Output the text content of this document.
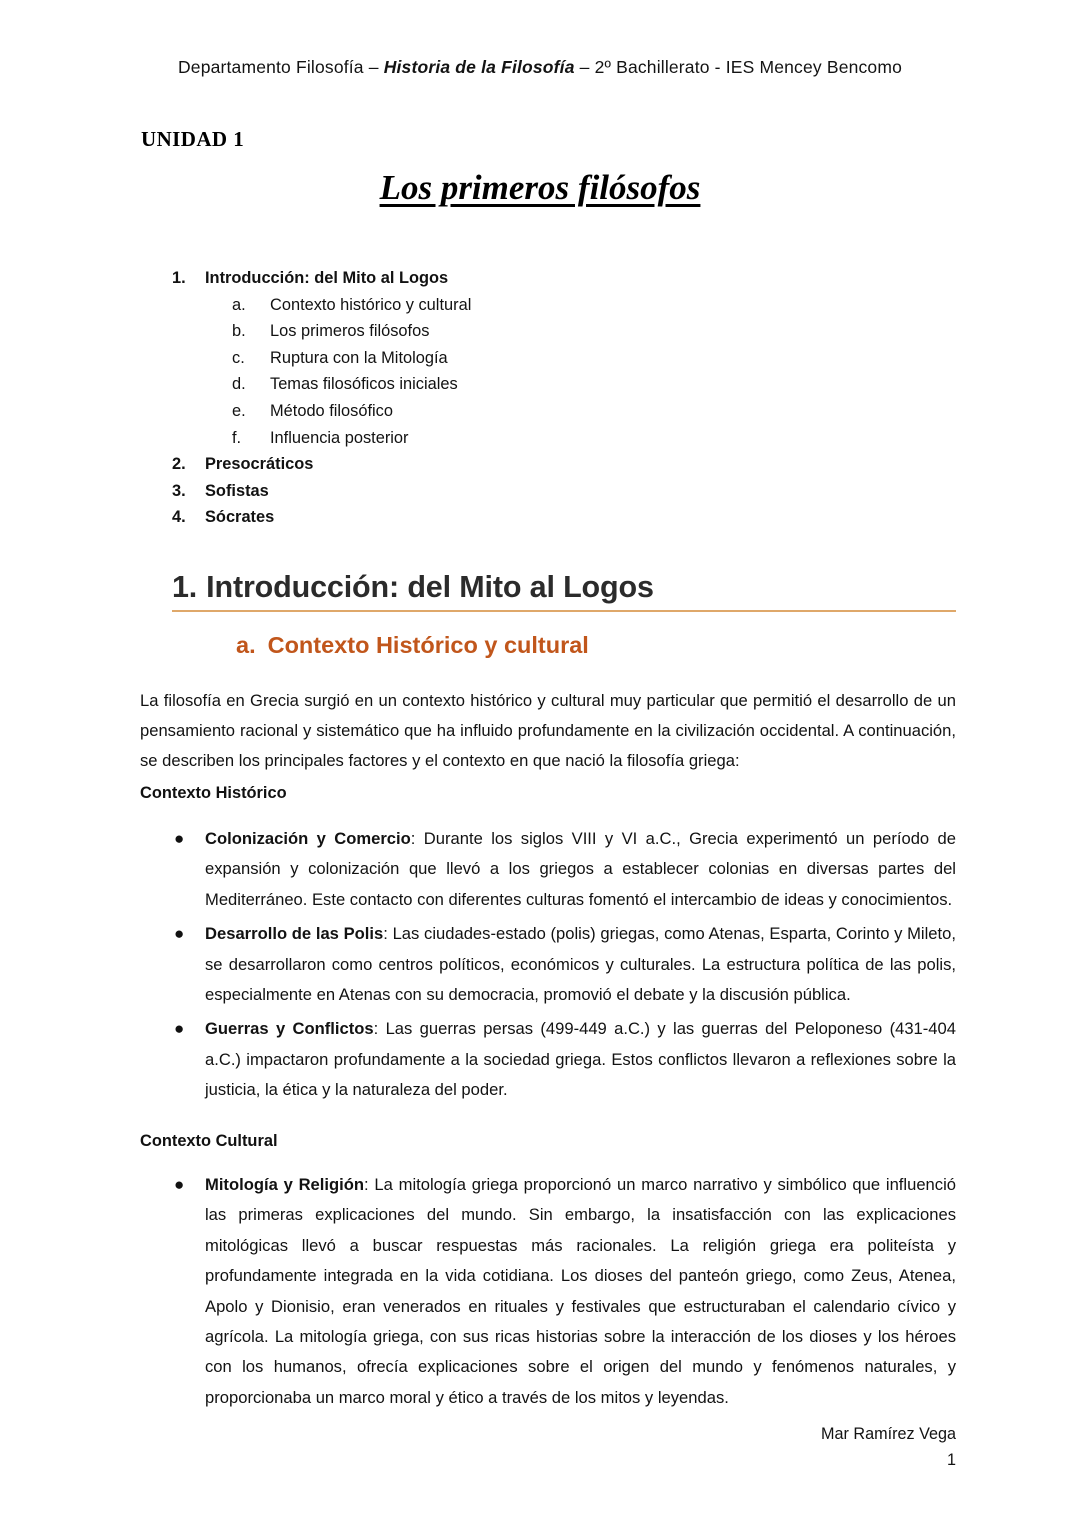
Departamento Filosofía – Historia de la Filosofía – 2º Bachillerato - IES Mencey Bencomo
UNIDAD 1
Los primeros filósofos
1.	Introducción: del Mito al Logos
a.	Contexto histórico y cultural
b.	Los primeros filósofos
c.	Ruptura con la Mitología
d.	Temas filosóficos iniciales
e.	Método filosófico
f.	Influencia posterior
2.	Presocráticos
3.	Sofistas
4.	Sócrates
1. Introducción: del Mito al Logos
a. Contexto Histórico y cultural
La filosofía en Grecia surgió en un contexto histórico y cultural muy particular que permitió el desarrollo de un pensamiento racional y sistemático que ha influido profundamente en la civilización occidental. A continuación, se describen los principales factores y el contexto en que nació la filosofía griega:
Contexto Histórico
● Colonización y Comercio: Durante los siglos VIII y VI a.C., Grecia experimentó un período de expansión y colonización que llevó a los griegos a establecer colonias en diversas partes del Mediterráneo. Este contacto con diferentes culturas fomentó el intercambio de ideas y conocimientos.
● Desarrollo de las Polis: Las ciudades-estado (polis) griegas, como Atenas, Esparta, Corinto y Mileto, se desarrollaron como centros políticos, económicos y culturales. La estructura política de las polis, especialmente en Atenas con su democracia, promovió el debate y la discusión pública.
● Guerras y Conflictos: Las guerras persas (499-449 a.C.) y las guerras del Peloponeso (431-404 a.C.) impactaron profundamente a la sociedad griega. Estos conflictos llevaron a reflexiones sobre la justicia, la ética y la naturaleza del poder.
Contexto Cultural
● Mitología y Religión: La mitología griega proporcionó un marco narrativo y simbólico que influenció las primeras explicaciones del mundo. Sin embargo, la insatisfacción con las explicaciones mitológicas llevó a buscar respuestas más racionales. La religión griega era politeísta y profundamente integrada en la vida cotidiana. Los dioses del panteón griego, como Zeus, Atenea, Apolo y Dionisio, eran venerados en rituales y festivales que estructuraban el calendario cívico y agrícola. La mitología griega, con sus ricas historias sobre la interacción de los dioses y los héroes con los humanos, ofrecía explicaciones sobre el origen del mundo y fenómenos naturales, y proporcionaba un marco moral y ético a través de los mitos y leyendas.
Mar Ramírez Vega
1
